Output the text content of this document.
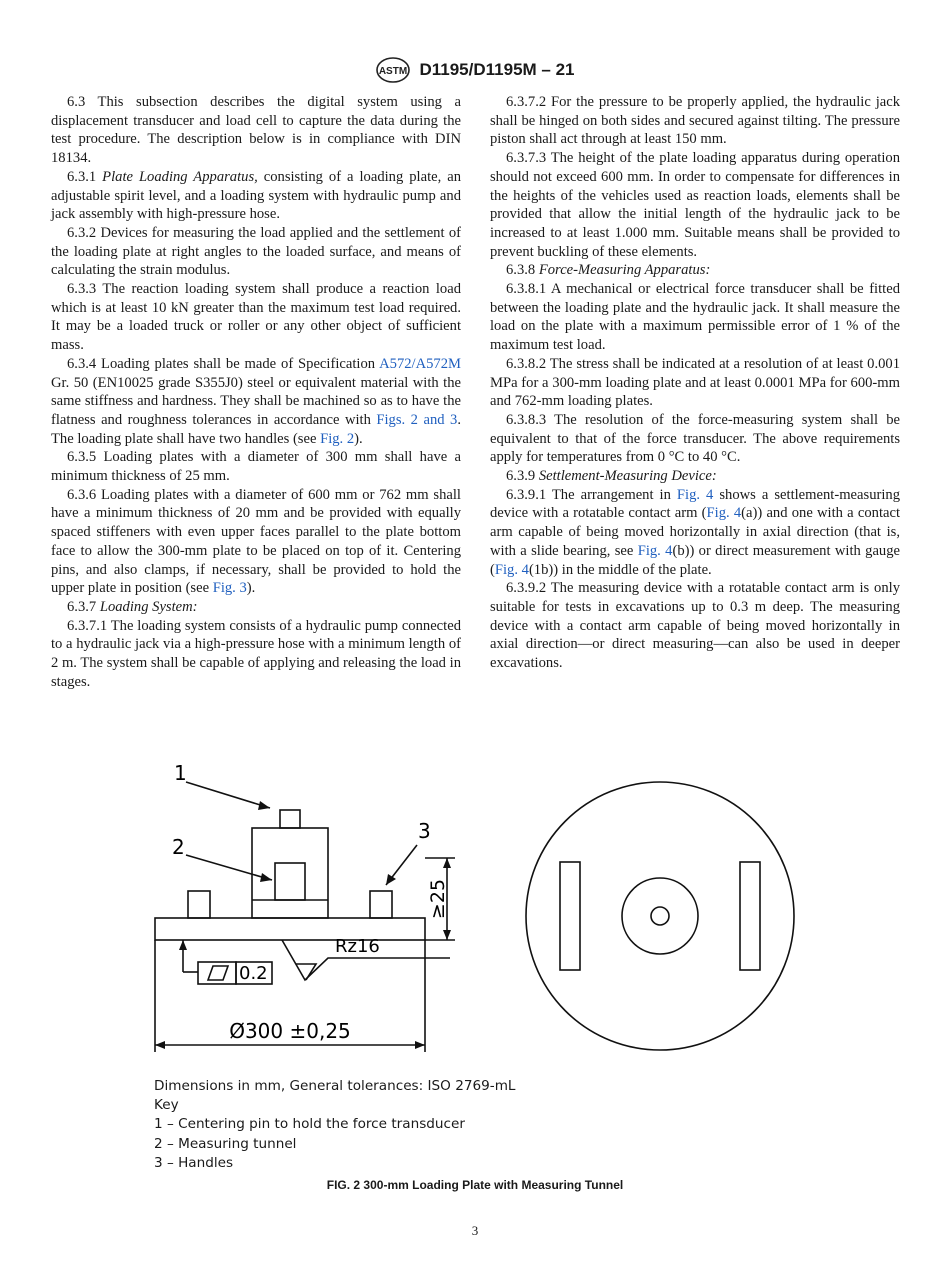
ASTM D1195/D1195M – 21

6.3 This subsection describes the digital system using a displacement transducer and load cell to capture the data during the test procedure. The description below is in compliance with DIN 18134.

6.3.1 Plate Loading Apparatus, consisting of a loading plate, an adjustable spirit level, and a loading system with hydraulic pump and jack assembly with high-pressure hose.

6.3.2 Devices for measuring the load applied and the settlement of the loading plate at right angles to the loaded surface, and means of calculating the strain modulus.

6.3.3 The reaction loading system shall produce a reaction load which is at least 10 kN greater than the maximum test load required. It may be a loaded truck or roller or any other object of sufficient mass.

6.3.4 Loading plates shall be made of Specification A572/A572M Gr. 50 (EN10025 grade S355J0) steel or equivalent material with the same stiffness and hardness. They shall be machined so as to have the flatness and roughness tolerances in accordance with Figs. 2 and 3. The loading plate shall have two handles (see Fig. 2).

6.3.5 Loading plates with a diameter of 300 mm shall have a minimum thickness of 25 mm.

6.3.6 Loading plates with a diameter of 600 mm or 762 mm shall have a minimum thickness of 20 mm and be provided with equally spaced stiffeners with even upper faces parallel to the plate bottom face to allow the 300-mm plate to be placed on top of it. Centering pins, and also clamps, if necessary, shall be provided to hold the upper plate in position (see Fig. 3).

6.3.7 Loading System:

6.3.7.1 The loading system consists of a hydraulic pump connected to a hydraulic jack via a high-pressure hose with a minimum length of 2 m. The system shall be capable of applying and releasing the load in stages.

6.3.7.2 For the pressure to be properly applied, the hydraulic jack shall be hinged on both sides and secured against tilting. The pressure piston shall act through at least 150 mm.

6.3.7.3 The height of the plate loading apparatus during operation should not exceed 600 mm. In order to compensate for differences in the heights of the vehicles used as reaction loads, elements shall be provided that allow the initial length of the hydraulic jack to be increased to at least 1.000 mm. Suitable means shall be provided to prevent buckling of these elements.

6.3.8 Force-Measuring Apparatus:

6.3.8.1 A mechanical or electrical force transducer shall be fitted between the loading plate and the hydraulic jack. It shall measure the load on the plate with a maximum permissible error of 1 % of the maximum test load.

6.3.8.2 The stress shall be indicated at a resolution of at least 0.001 MPa for a 300-mm loading plate and at least 0.0001 MPa for 600-mm and 762-mm loading plates.

6.3.8.3 The resolution of the force-measuring system shall be equivalent to that of the force transducer. The above requirements apply for temperatures from 0 °C to 40 °C.

6.3.9 Settlement-Measuring Device:

6.3.9.1 The arrangement in Fig. 4 shows a settlement-measuring device with a rotatable contact arm (Fig. 4(a)) and one with a contact arm capable of being moved horizontally in axial direction (that is, with a slide bearing, see Fig. 4(b)) or direct measurement with gauge (Fig. 4(1b)) in the middle of the plate.

6.3.9.2 The measuring device with a rotatable contact arm is only suitable for tests in excavations up to 0.3 m deep. The measuring device with a contact arm capable of being moved horizontally in axial direction—or direct measuring—can also be used in deeper excavations.

1
2
3
≥25
0.2
Rz16
Ø300 ±0,25
Dimensions in mm, General tolerances: ISO 2769-mL
Key
1 – Centering pin to hold the force transducer
2 – Measuring tunnel
3 – Handles
FIG. 2 300-mm Loading Plate with Measuring Tunnel
3
